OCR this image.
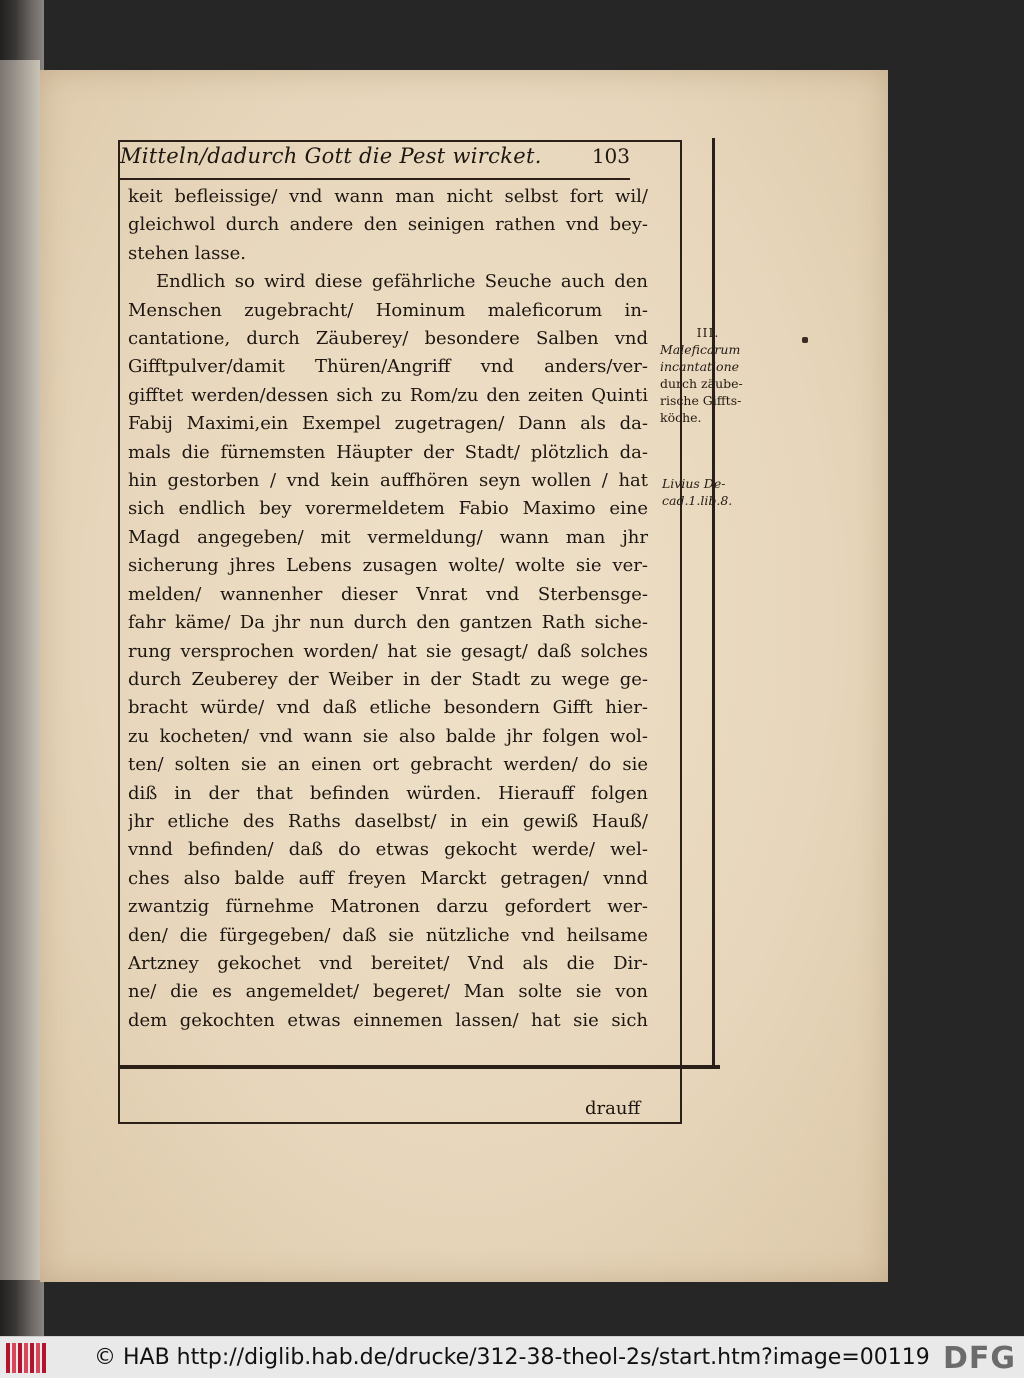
Mitteln/dadurch Gott die Pest wircket.	103
keit befleissige/ vnd wann man nicht selbst fort wil/
gleichwol durch andere den seinigen rathen vnd bey-
stehen lasse.
Endlich so wird diese gefährliche Seuche auch den
Menschen zugebracht/ Hominum maleficorum in-
cantatione, durch Zäuberey/ besondere Salben vnd
Gifftpulver/damit Thüren/Angriff vnd anders/ver-
gifftet werden/dessen sich zu Rom/zu den zeiten Quinti
Fabij Maximi,ein Exempel zugetragen/ Dann als da-
mals die fürnemsten Häupter der Stadt/ plötzlich da-
hin gestorben / vnd kein auffhören seyn wollen / hat
sich endlich bey vorermeldetem Fabio Maximo eine
Magd angegeben/ mit vermeldung/ wann man jhr
sicherung jhres Lebens zusagen wolte/ wolte sie ver-
melden/ wannenher dieser Vnrat vnd Sterbensge-
fahr käme/ Da jhr nun durch den gantzen Rath siche-
rung versprochen worden/ hat sie gesagt/ daß solches
durch Zeuberey der Weiber in der Stadt zu wege ge-
bracht würde/ vnd daß etliche besondern Gifft hier-
zu kocheten/ vnd wann sie also balde jhr folgen wol-
ten/ solten sie an einen ort gebracht werden/ do sie
diß in der that befinden würden. Hierauff folgen
jhr etliche des Raths daselbst/ in ein gewiß Hauß/
vnnd befinden/ daß do etwas gekocht werde/ wel-
ches also balde auff freyen Marckt getragen/ vnnd
zwantzig fürnehme Matronen darzu gefordert wer-
den/ die fürgegeben/ daß sie nützliche vnd heilsame
Artzney gekochet vnd bereitet/ Vnd als die Dir-
ne/ die es angemeldet/ begeret/ Man solte sie von
dem gekochten etwas einnemen lassen/ hat sie sich
drauff
III.
Maleficarum
incantatione
durch zäube-
rische Giffts-
köche.
Livius De-
cad.1.lib.8.
© HAB http://diglib.hab.de/drucke/312-38-theol-2s/start.htm?image=00119 DFG
